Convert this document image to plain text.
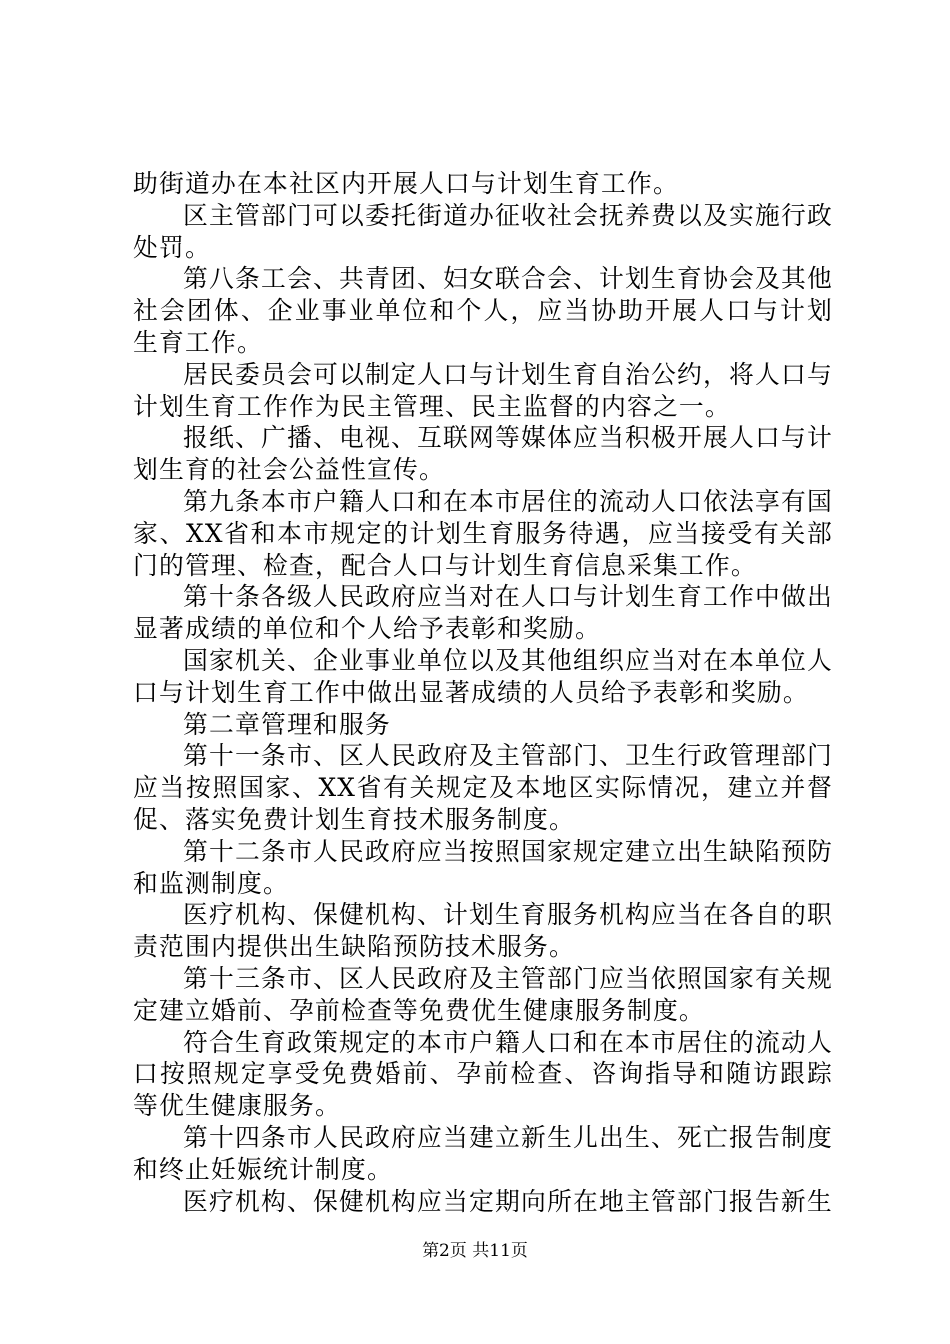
助街道办在本社区内开展人口与计划生育工作。

区主管部门可以委托街道办征收社会抚养费以及实施行政处罚。

第八条工会、共青团、妇女联合会、计划生育协会及其他社会团体、企业事业单位和个人，应当协助开展人口与计划生育工作。

居民委员会可以制定人口与计划生育自治公约，将人口与计划生育工作作为民主管理、民主监督的内容之一。

报纸、广播、电视、互联网等媒体应当积极开展人口与计划生育的社会公益性宣传。

第九条本市户籍人口和在本市居住的流动人口依法享有国家、XX省和本市规定的计划生育服务待遇，应当接受有关部门的管理、检查，配合人口与计划生育信息采集工作。

第十条各级人民政府应当对在人口与计划生育工作中做出显著成绩的单位和个人给予表彰和奖励。

国家机关、企业事业单位以及其他组织应当对在本单位人口与计划生育工作中做出显著成绩的人员给予表彰和奖励。

第二章管理和服务

第十一条市、区人民政府及主管部门、卫生行政管理部门应当按照国家、XX省有关规定及本地区实际情况，建立并督促、落实免费计划生育技术服务制度。

第十二条市人民政府应当按照国家规定建立出生缺陷预防和监测制度。

医疗机构、保健机构、计划生育服务机构应当在各自的职责范围内提供出生缺陷预防技术服务。

第十三条市、区人民政府及主管部门应当依照国家有关规定建立婚前、孕前检查等免费优生健康服务制度。

符合生育政策规定的本市户籍人口和在本市居住的流动人口按照规定享受免费婚前、孕前检查、咨询指导和随访跟踪等优生健康服务。

第十四条市人民政府应当建立新生儿出生、死亡报告制度和终止妊娠统计制度。

医疗机构、保健机构应当定期向所在地主管部门报告新生

第2页 共11页
